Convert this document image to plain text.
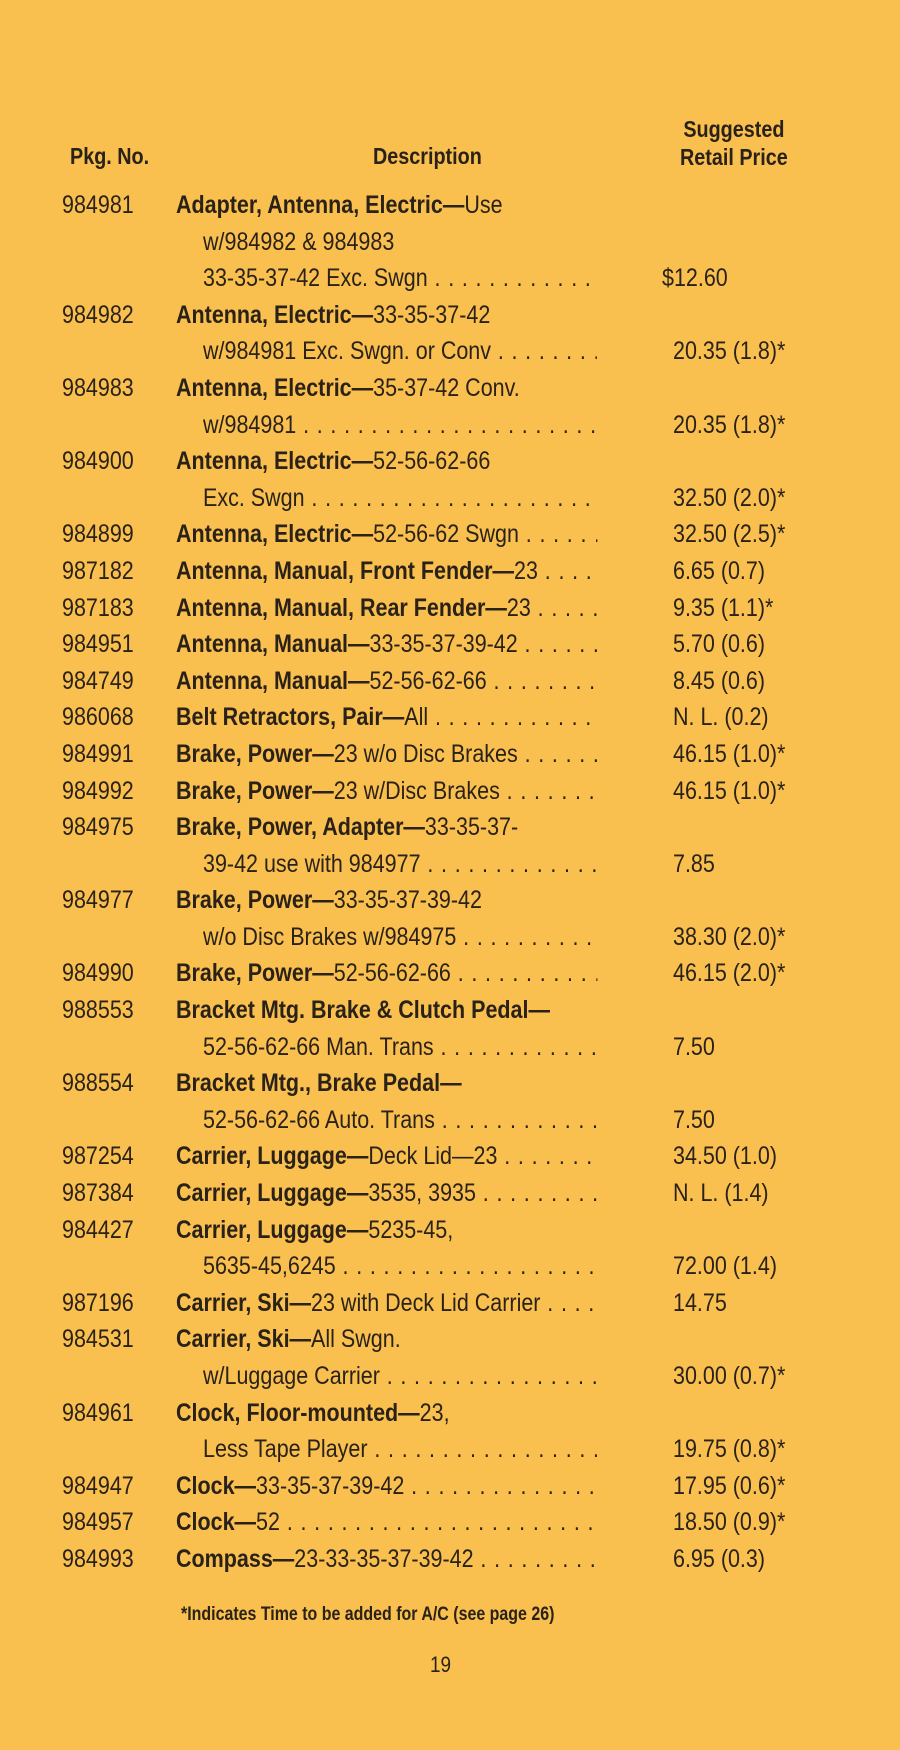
Pkg. No.	Description
Suggested
Retail Price
984981	Adapter, Antenna, Electric—Use
w/984982 & 984983
33-35-37-42 Exc. Swgn . . .	$12.60
984982	Antenna, Electric—33-35-37-42
w/984981 Exc. Swgn. or Conv . . .	20.35 (1.8)*
984983	Antenna, Electric—35-37-42 Conv.
w/984981 . . .	20.35 (1.8)*
984900	Antenna, Electric—52-56-62-66
Exc. Swgn . . .	32.50 (2.0)*
984899	Antenna, Electric—52-56-62 Swgn . . .	32.50 (2.5)*
987182	Antenna, Manual, Front Fender—23 . . .	6.65 (0.7)
987183	Antenna, Manual, Rear Fender—23 . . .	9.35 (1.1)*
984951	Antenna, Manual—33-35-37-39-42 . . .	5.70 (0.6)
984749	Antenna, Manual—52-56-62-66 . . .	8.45 (0.6)
986068	Belt Retractors, Pair—All . . .	N. L. (0.2)
984991	Brake, Power—23 w/o Disc Brakes . . .	46.15 (1.0)*
984992	Brake, Power—23 w/Disc Brakes . . .	46.15 (1.0)*
984975	Brake, Power, Adapter—33-35-37-
39-42 use with 984977 . . .	7.85
984977	Brake, Power—33-35-37-39-42
w/o Disc Brakes w/984975 . . .	38.30 (2.0)*
984990	Brake, Power—52-56-62-66 . . .	46.15 (2.0)*
988553	Bracket Mtg. Brake & Clutch Pedal—
52-56-62-66 Man. Trans . . .	7.50
988554	Bracket Mtg., Brake Pedal—
52-56-62-66 Auto. Trans . . .	7.50
987254	Carrier, Luggage—Deck Lid—23 . . .	34.50 (1.0)
987384	Carrier, Luggage—3535, 3935 . . .	N. L. (1.4)
984427	Carrier, Luggage—5235-45,
5635-45,6245 . . .	72.00 (1.4)
987196	Carrier, Ski—23 with Deck Lid Carrier . . .	14.75
984531	Carrier, Ski—All Swgn.
w/Luggage Carrier . . .	30.00 (0.7)*
984961	Clock, Floor-mounted—23,
Less Tape Player . . .	19.75 (0.8)*
984947	Clock—33-35-37-39-42 . . .	17.95 (0.6)*
984957	Clock—52 . . .	18.50 (0.9)*
984993	Compass—23-33-35-37-39-42 . . .	6.95 (0.3)
*Indicates Time to be added for A/C (see page 26)
19
